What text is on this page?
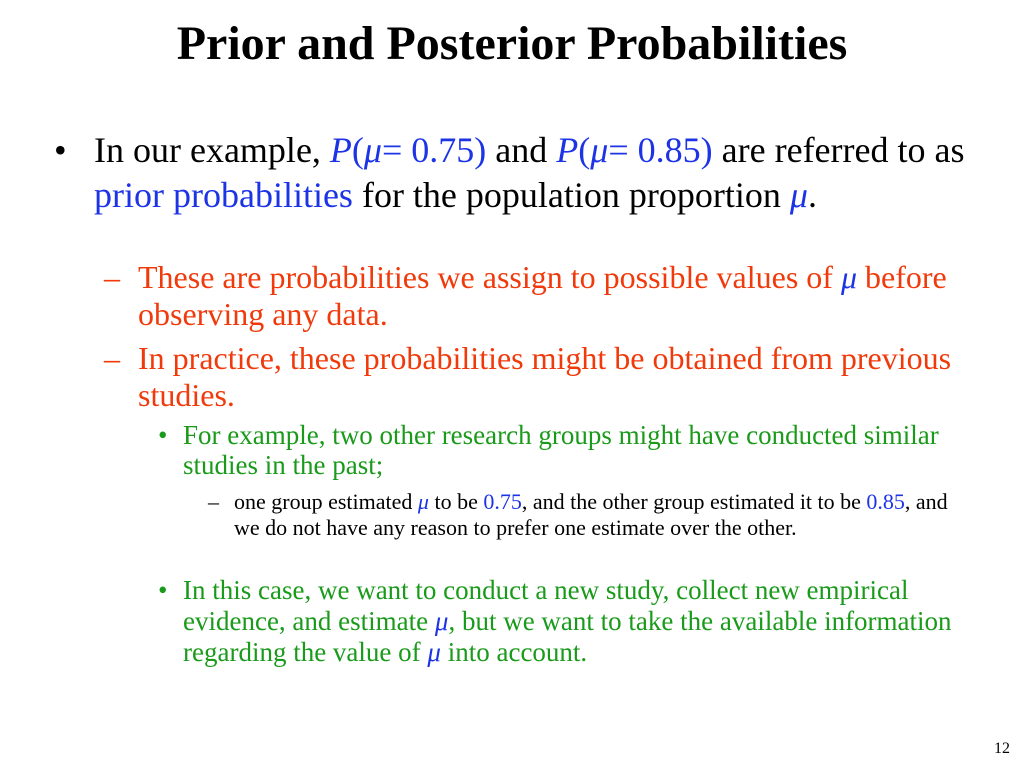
Prior and Posterior Probabilities
• In our example, P(μ= 0.75) and P(μ= 0.85) are referred to as prior probabilities for the population proportion μ.
– These are probabilities we assign to possible values of μ before observing any data.
– In practice, these probabilities might be obtained from previous studies.
• For example, two other research groups might have conducted similar studies in the past;
– one group estimated μ to be 0.75, and the other group estimated it to be 0.85, and we do not have any reason to prefer one estimate over the other.
• In this case, we want to conduct a new study, collect new empirical evidence, and estimate μ, but we want to take the available information regarding the value of μ into account.
12
